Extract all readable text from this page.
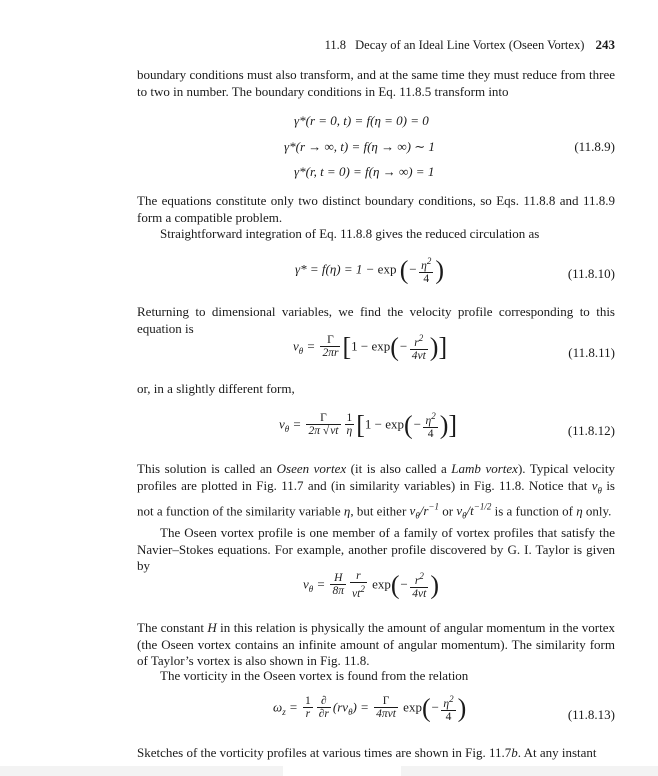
11.8 Decay of an Ideal Line Vortex (Oseen Vortex) 243
boundary conditions must also transform, and at the same time they must reduce from three to two in number. The boundary conditions in Eq. 11.8.5 transform into
γ*(r = 0, t) = f(η = 0) = 0
γ*(r → ∞, t) = f(η → ∞) ∼ 1
γ*(r, t = 0) = f(η → ∞) = 1
(11.8.9)
The equations constitute only two distinct boundary conditions, so Eqs. 11.8.8 and 11.8.9 form a compatible problem.
Straightforward integration of Eq. 11.8.8 gives the reduced circulation as
γ* = f(η) = 1 − exp (− $\frac{\eta^2}{4}$ )	(11.8.10)
Returning to dimensional variables, we find the velocity profile corresponding to this equation is
$v_\theta = \frac{\Gamma}{2\pi r} [1 - \exp(- \frac{r^2}{4\nu t}$ )]	(11.8.11)
or, in a slightly different form,
$v_\theta = \frac{\Gamma}{2\pi √\nu t} \frac{1}{\eta} [1 - \exp(- \frac{\eta^2}{4}$ )]	(11.8.12)
This solution is called an Oseen vortex (it is also called a Lamb vortex). Typical velocity profiles are plotted in Fig. 11.7 and (in similarity variables) in Fig. 11.8. Notice that $v_\theta$ is not a function of the similarity variable η, but either $v_\theta/r^{-1}$ or $v_\theta/t^{-1/2}$ is a function of η only.
The Oseen vortex profile is one member of a family of vortex profiles that satisfy the Navier–Stokes equations. For example, another profile discovered by G. I. Taylor is given by
$v_\theta = \frac{H}{8\pi} \frac{r}{\nu t^2} \exp(- \frac{r^2}{4\nu t}$ )
The constant H in this relation is physically the amount of angular momentum in the vortex (the Oseen vortex contains an infinite amount of angular momentum). The similarity form of Taylor’s vortex is also shown in Fig. 11.8.
The vorticity in the Oseen vortex is found from the relation
$\omega_z = \frac{1}{r} \frac{\partial}{\partial r} (rv_\theta) = \frac{\Gamma}{\text{4πνt}} \exp(- \frac{\eta^2}{4}$ )	(11.8.13)
Sketches of the vorticity profiles at various times are shown in Fig. 11.7b. At any instant
